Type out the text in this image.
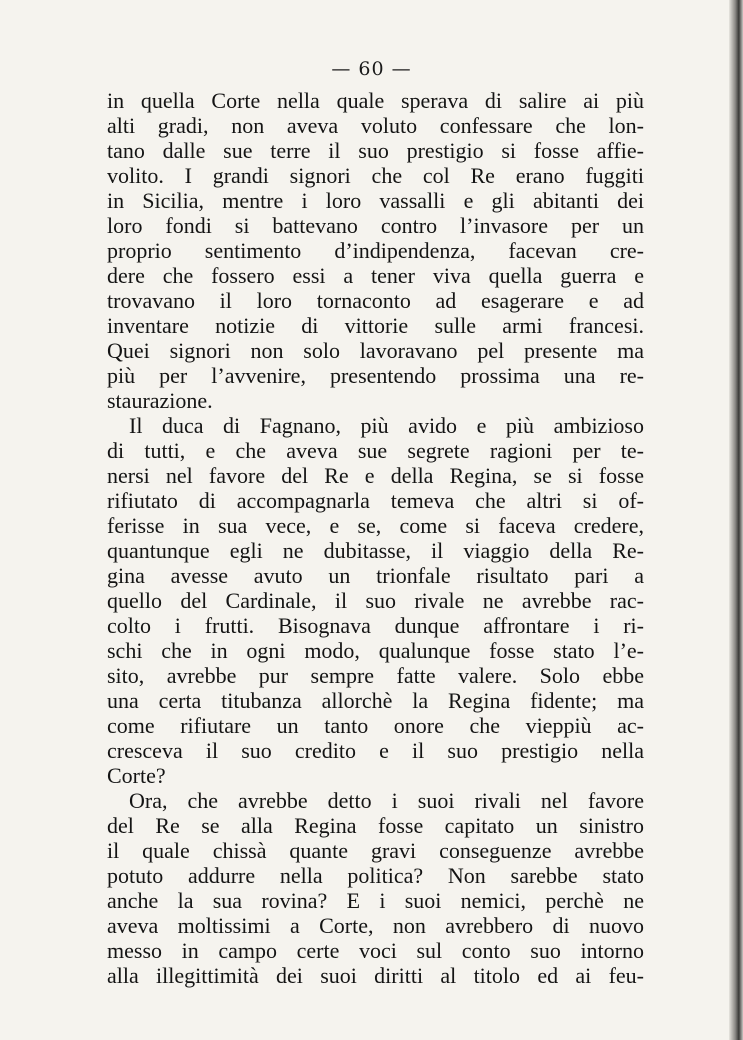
— 60 —
in quella Corte nella quale sperava di salire ai più
alti gradi, non aveva voluto confessare che lon-
tano dalle sue terre il suo prestigio si fosse affie-
volito. I grandi signori che col Re erano fuggiti
in Sicilia, mentre i loro vassalli e gli abitanti dei
loro fondi si battevano contro l’invasore per un
proprio sentimento d’indipendenza, facevan cre-
dere che fossero essi a tener viva quella guerra e
trovavano il loro tornaconto ad esagerare e ad
inventare notizie di vittorie sulle armi francesi.
Quei signori non solo lavoravano pel presente ma
più per l’avvenire, presentendo prossima una re-
staurazione.
Il duca di Fagnano, più avido e più ambizioso
di tutti, e che aveva sue segrete ragioni per te-
nersi nel favore del Re e della Regina, se si fosse
rifiutato di accompagnarla temeva che altri si of-
ferisse in sua vece, e se, come si faceva credere,
quantunque egli ne dubitasse, il viaggio della Re-
gina avesse avuto un trionfale risultato pari a
quello del Cardinale, il suo rivale ne avrebbe rac-
colto i frutti. Bisognava dunque affrontare i ri-
schi che in ogni modo, qualunque fosse stato l’e-
sito, avrebbe pur sempre fatte valere. Solo ebbe
una certa titubanza allorchè la Regina fidente; ma
come rifiutare un tanto onore che vieppiù ac-
cresceva il suo credito e il suo prestigio nella
Corte?
Ora, che avrebbe detto i suoi rivali nel favore
del Re se alla Regina fosse capitato un sinistro
il quale chissà quante gravi conseguenze avrebbe
potuto addurre nella politica? Non sarebbe stato
anche la sua rovina? E i suoi nemici, perchè ne
aveva moltissimi a Corte, non avrebbero di nuovo
messo in campo certe voci sul conto suo intorno
alla illegittimità dei suoi diritti al titolo ed ai feu-
